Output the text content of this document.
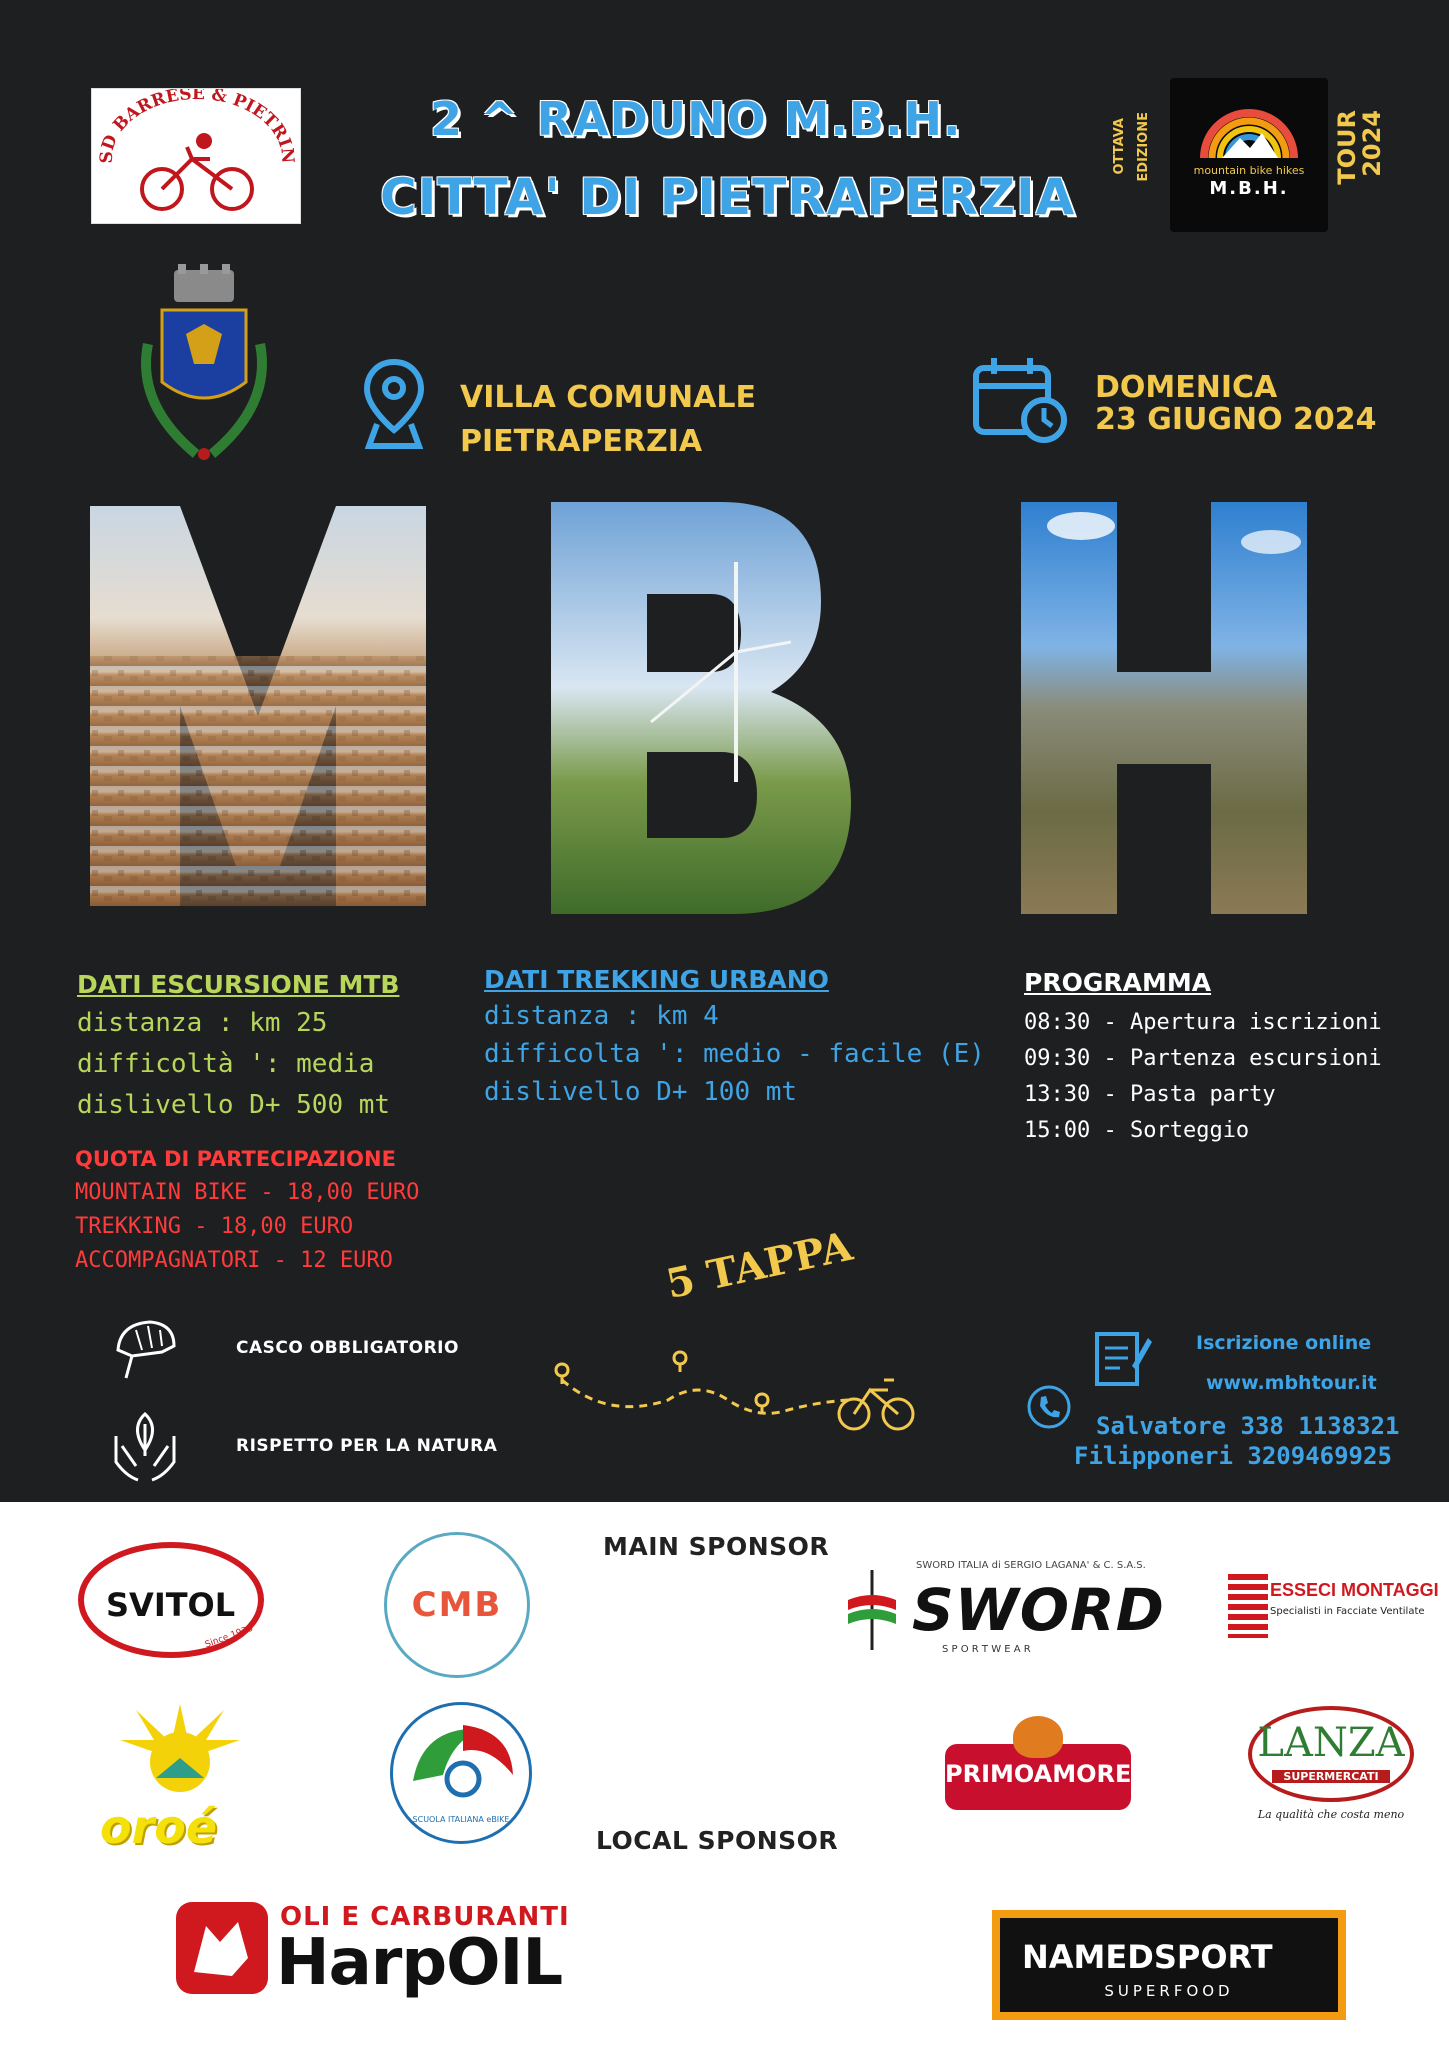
SD BARRESE & PIETRIN
2 ^ RADUNO M.B.H.
CITTA' DI PIETRAPERZIA
OTTAVA EDIZIONE	mountain bike hikes
M.B.H.
TOUR
2024
VILLA COMUNALE
PIETRAPERZIA
DOMENICA
23 GIUGNO 2024
DATI ESCURSIONE MTB
distanza : km 25
difficoltà ': media
dislivello D+ 500 mt
QUOTA DI PARTECIPAZIONE
MOUNTAIN BIKE - 18,00 EURO
TREKKING - 18,00 EURO
ACCOMPAGNATORI - 12 EURO
DATI TREKKING URBANO
distanza : km 4
difficolta ': medio - facile (E)
dislivello D+ 100 mt
PROGRAMMA
08:30 - Apertura iscrizioni
09:30 - Partenza escursioni
13:30 - Pasta party
15:00 - Sorteggio
5 TAPPA
CASCO OBBLIGATORIO
RISPETTO PER LA NATURA
Iscrizione online
www.mbhtour.it
Salvatore 338 1138321
Filipponeri 3209469925
MAIN SPONSOR
LOCAL SPONSOR
SVITOL
Since 1938
CMB
SWORD ITALIA di SERGIO LAGANA' & C. S.A.S.
SWORD
S P O R T W E A R
ESSECI MONTAGGI
Specialisti in Facciate Ventilate
oroé	SCUOLA ITALIANA eBIKE
PRIMOAMORE
LANZA
SUPERMERCATI
La qualità che costa meno
OLI E CARBURANTI
HarpOIL	NAMEDSPORT
SUPERFOOD
